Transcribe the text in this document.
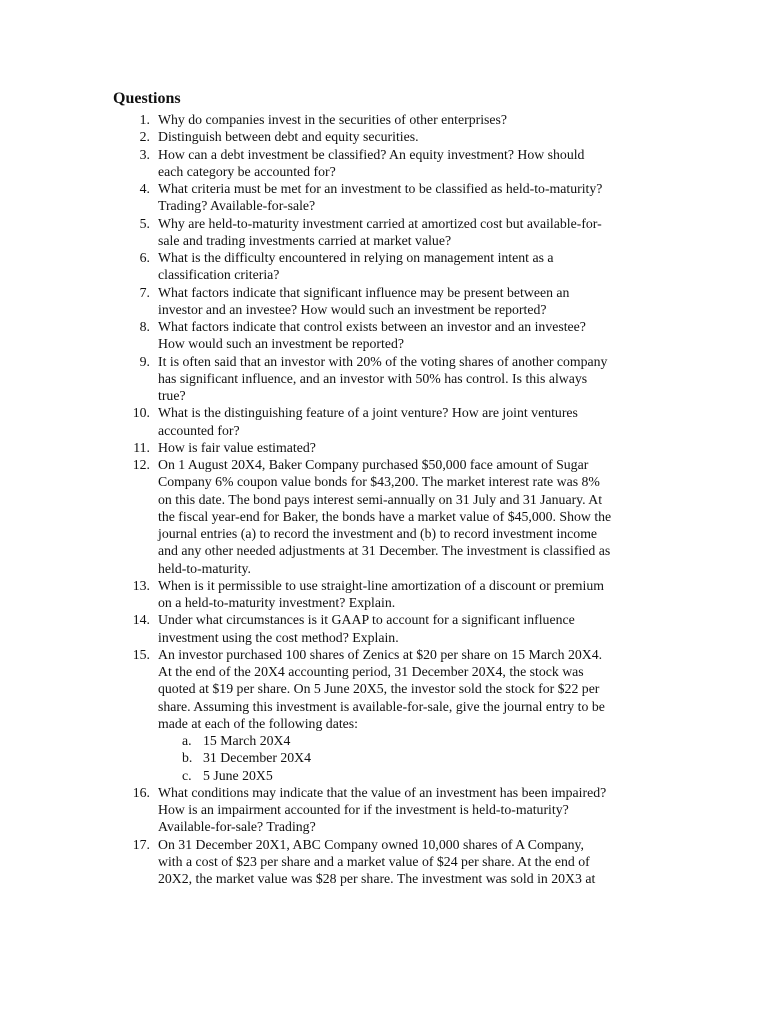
Questions
1. Why do companies invest in the securities of other enterprises?
2. Distinguish between debt and equity securities.
3. How can a debt investment be classified? An equity investment? How should
each category be accounted for?
4. What criteria must be met for an investment to be classified as held-to-maturity?
Trading? Available-for-sale?
5. Why are held-to-maturity investment carried at amortized cost but available-for-
sale and trading investments carried at market value?
6. What is the difficulty encountered in relying on management intent as a
classification criteria?
7. What factors indicate that significant influence may be present between an
investor and an investee? How would such an investment be reported?
8. What factors indicate that control exists between an investor and an investee?
How would such an investment be reported?
9. It is often said that an investor with 20% of the voting shares of another company
has significant influence, and an investor with 50% has control. Is this always
true?
10. What is the distinguishing feature of a joint venture? How are joint ventures
accounted for?
11. How is fair value estimated?
12. On 1 August 20X4, Baker Company purchased $50,000 face amount of Sugar
Company 6% coupon value bonds for $43,200. The market interest rate was 8%
on this date. The bond pays interest semi-annually on 31 July and 31 January. At
the fiscal year-end for Baker, the bonds have a market value of $45,000. Show the
journal entries (a) to record the investment and (b) to record investment income
and any other needed adjustments at 31 December. The investment is classified as
held-to-maturity.
13. When is it permissible to use straight-line amortization of a discount or premium
on a held-to-maturity investment? Explain.
14. Under what circumstances is it GAAP to account for a significant influence
investment using the cost method? Explain.
15. An investor purchased 100 shares of Zenics at $20 per share on 15 March 20X4.
At the end of the 20X4 accounting period, 31 December 20X4, the stock was
quoted at $19 per share. On 5 June 20X5, the investor sold the stock for $22 per
share. Assuming this investment is available-for-sale, give the journal entry to be
made at each of the following dates:
a. 15 March 20X4
b. 31 December 20X4
c. 5 June 20X5
16. What conditions may indicate that the value of an investment has been impaired?
How is an impairment accounted for if the investment is held-to-maturity?
Available-for-sale? Trading?
17. On 31 December 20X1, ABC Company owned 10,000 shares of A Company,
with a cost of $23 per share and a market value of $24 per share. At the end of
20X2, the market value was $28 per share. The investment was sold in 20X3 at
